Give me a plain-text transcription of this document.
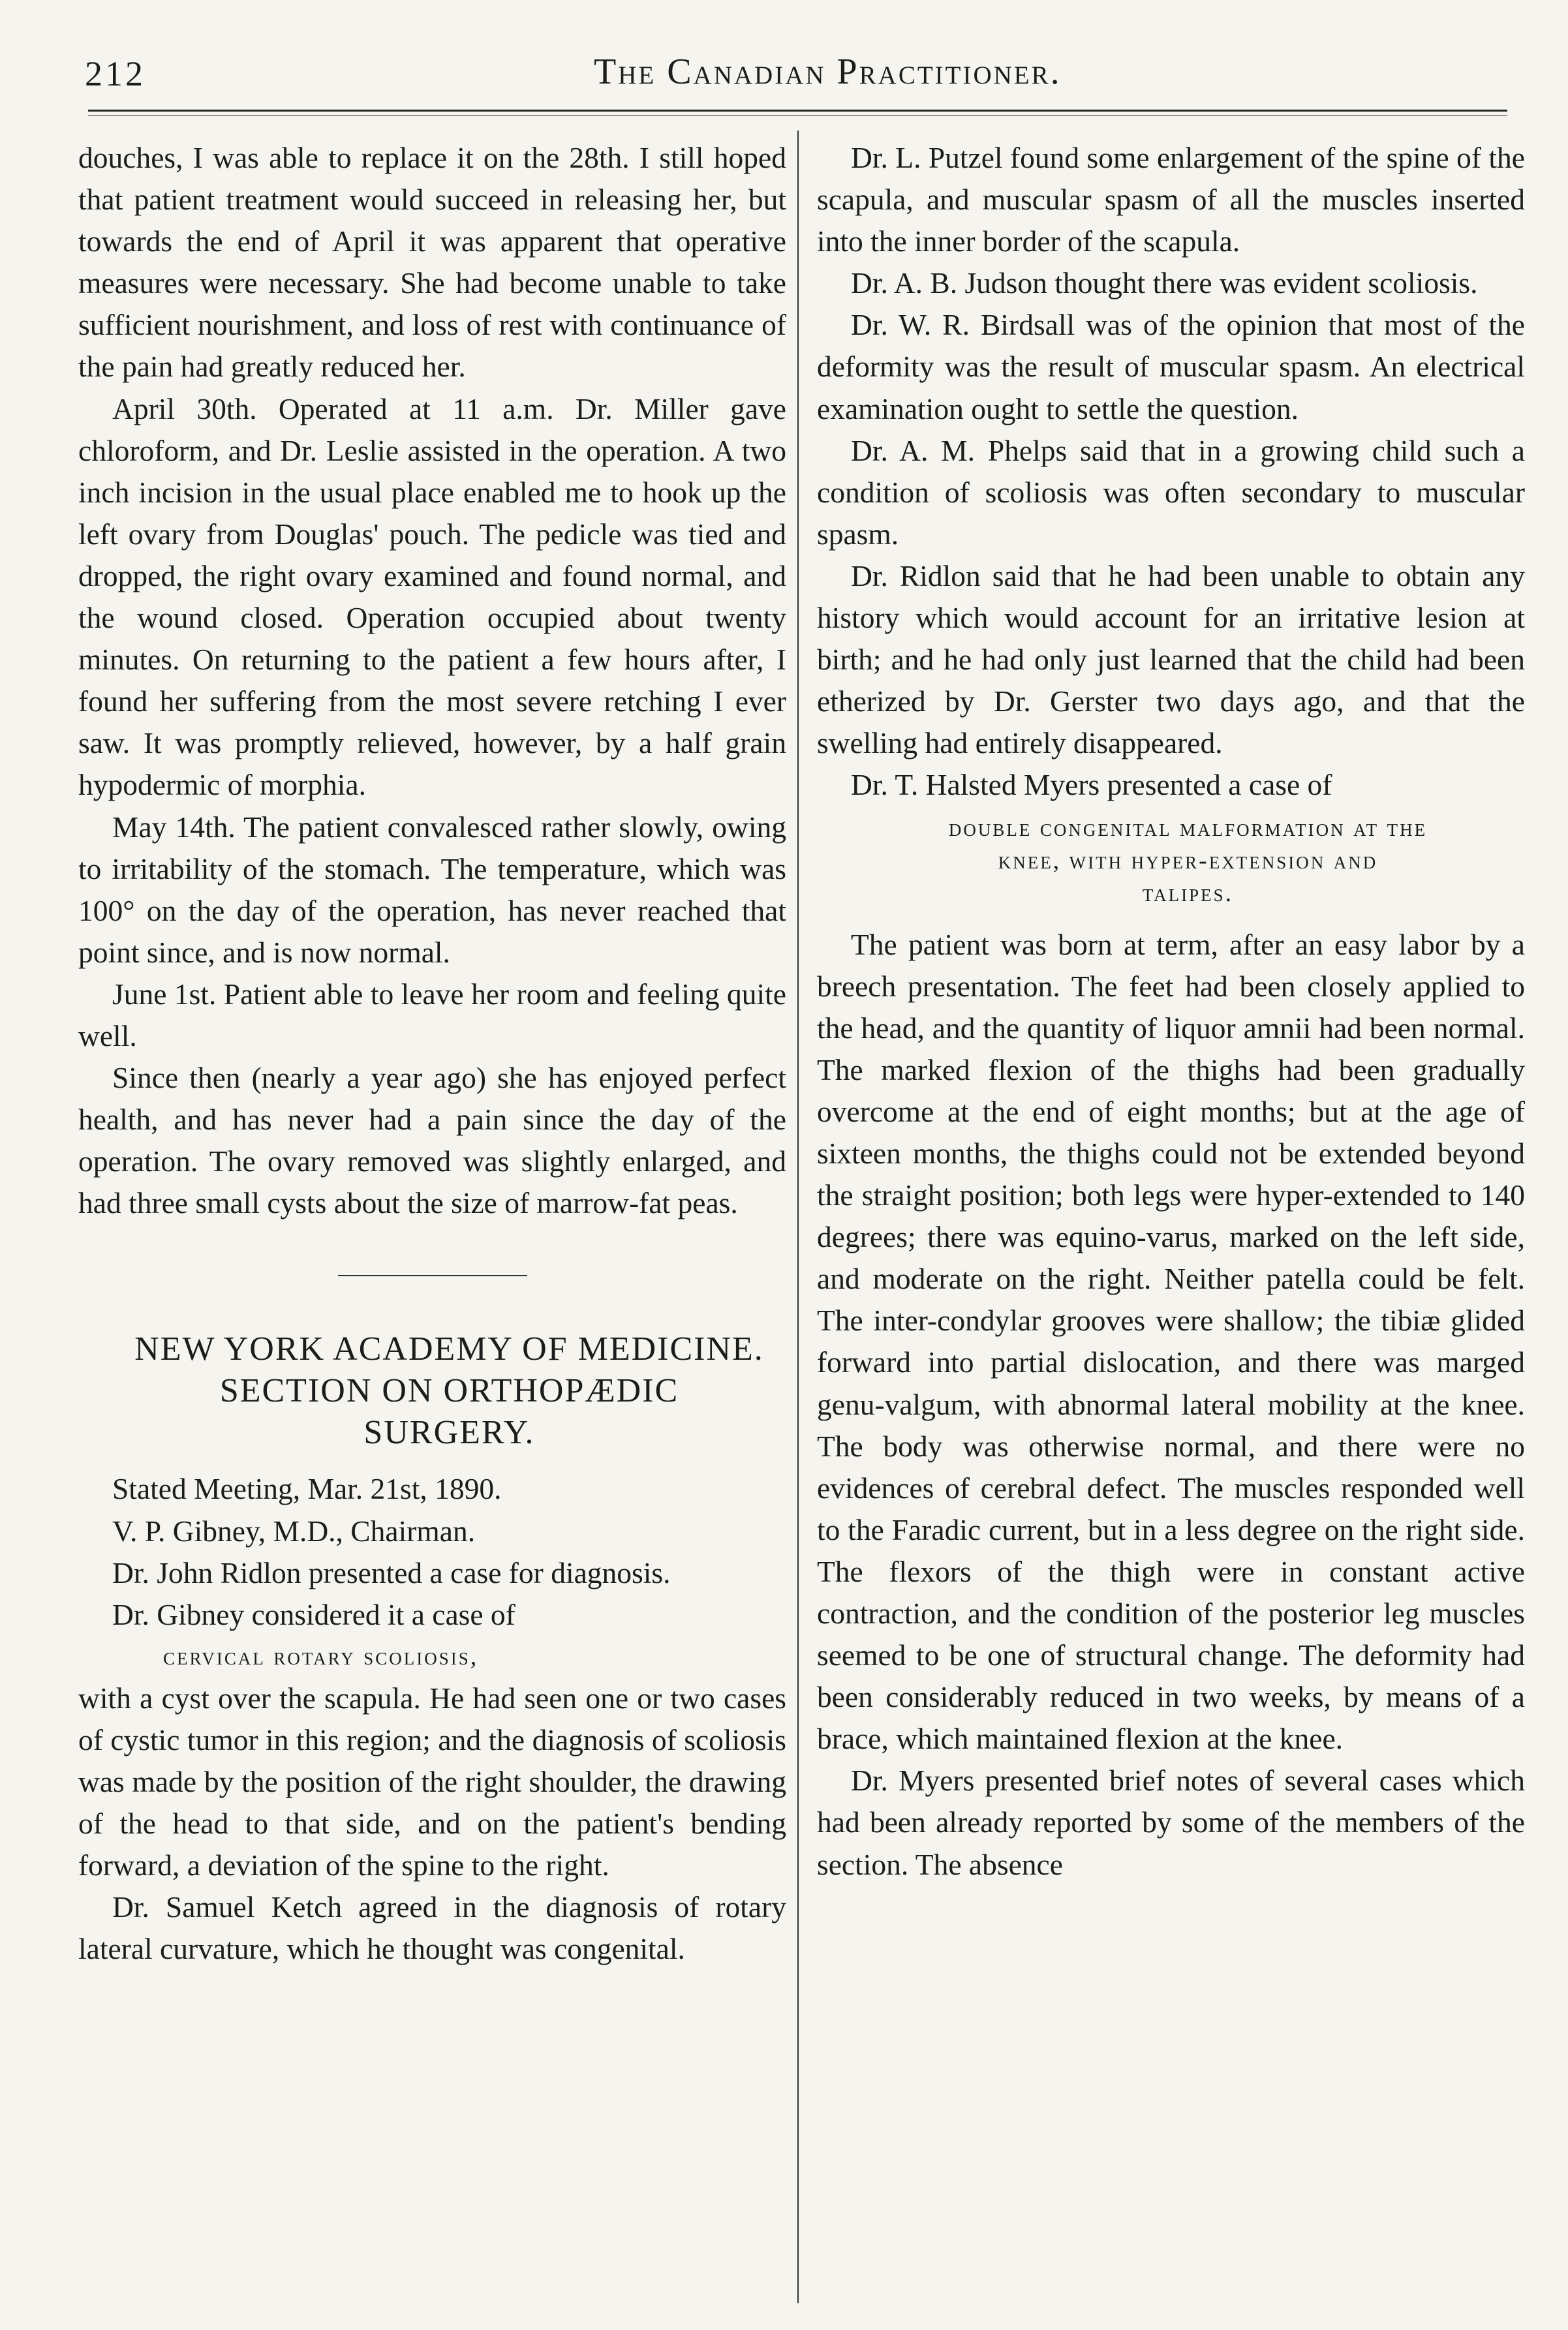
212	The Canadian Practitioner.

douches, I was able to replace it on the 28th. I still hoped that patient treatment would succeed in releasing her, but towards the end of April it was apparent that operative measures were necessary. She had become unable to take sufficient nourishment, and loss of rest with continuance of the pain had greatly reduced her.

April 30th. Operated at 11 a.m. Dr. Miller gave chloroform, and Dr. Leslie assisted in the operation. A two inch incision in the usual place enabled me to hook up the left ovary from Douglas' pouch. The pedicle was tied and dropped, the right ovary examined and found normal, and the wound closed. Operation occupied about twenty minutes. On returning to the patient a few hours after, I found her suffering from the most severe retching I ever saw. It was promptly relieved, however, by a half grain hypodermic of morphia.

May 14th. The patient convalesced rather slowly, owing to irritability of the stomach. The temperature, which was 100° on the day of the operation, has never reached that point since, and is now normal.

June 1st. Patient able to leave her room and feeling quite well.

Since then (nearly a year ago) she has enjoyed perfect health, and has never had a pain since the day of the operation. The ovary removed was slightly enlarged, and had three small cysts about the size of marrow-fat peas.

NEW YORK ACADEMY OF MEDICINE.

SECTION ON ORTHOPÆDIC

SURGERY.

Stated Meeting, Mar. 21st, 1890.

V. P. Gibney, M.D., Chairman.

Dr. John Ridlon presented a case for diagnosis.

Dr. Gibney considered it a case of

cervical rotary scoliosis,

with a cyst over the scapula. He had seen one or two cases of cystic tumor in this region; and the diagnosis of scoliosis was made by the position of the right shoulder, the drawing of the head to that side, and on the patient's bending forward, a deviation of the spine to the right.

Dr. Samuel Ketch agreed in the diagnosis of rotary lateral curvature, which he thought was congenital.

Dr. L. Putzel found some enlargement of the spine of the scapula, and muscular spasm of all the muscles inserted into the inner border of the scapula.

Dr. A. B. Judson thought there was evident scoliosis.

Dr. W. R. Birdsall was of the opinion that most of the deformity was the result of muscular spasm. An electrical examination ought to settle the question.

Dr. A. M. Phelps said that in a growing child such a condition of scoliosis was often secondary to muscular spasm.

Dr. Ridlon said that he had been unable to obtain any history which would account for an irritative lesion at birth; and he had only just learned that the child had been etherized by Dr. Gerster two days ago, and that the swelling had entirely disappeared.

Dr. T. Halsted Myers presented a case of

double congenital malformation at the

knee, with hyper-extension and

talipes.

The patient was born at term, after an easy labor by a breech presentation. The feet had been closely applied to the head, and the quantity of liquor amnii had been normal. The marked flexion of the thighs had been gradually overcome at the end of eight months; but at the age of sixteen months, the thighs could not be extended beyond the straight position; both legs were hyper-extended to 140 degrees; there was equino-varus, marked on the left side, and moderate on the right. Neither patella could be felt. The inter-condylar grooves were shallow; the tibiæ glided forward into partial dislocation, and there was marged genu-valgum, with abnormal lateral mobility at the knee. The body was otherwise normal, and there were no evidences of cerebral defect. The muscles responded well to the Faradic current, but in a less degree on the right side. The flexors of the thigh were in constant active contraction, and the condition of the posterior leg muscles seemed to be one of structural change. The deformity had been considerably reduced in two weeks, by means of a brace, which maintained flexion at the knee.

Dr. Myers presented brief notes of several cases which had been already reported by some of the members of the section. The absence
